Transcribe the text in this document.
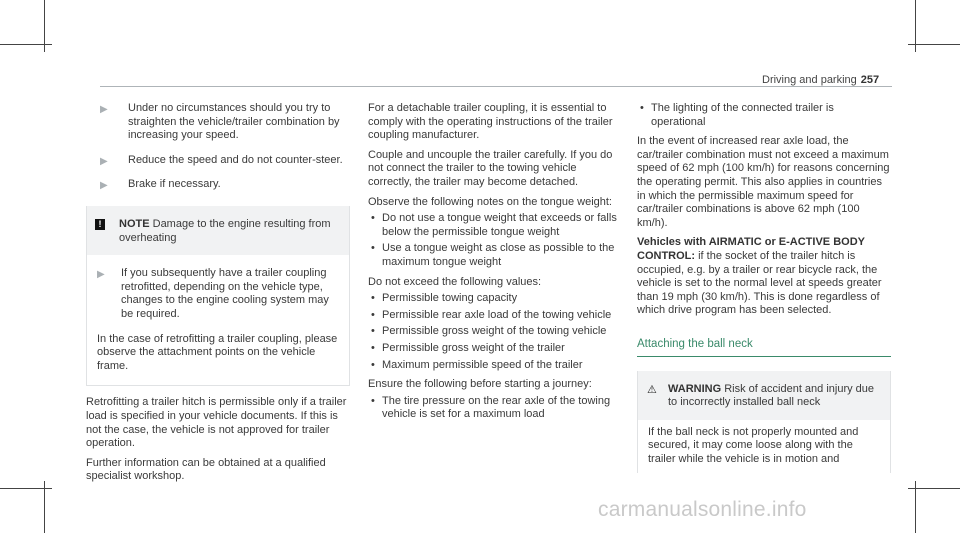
Driving and parking 257
▶ Under no circumstances should you try to straighten the vehicle/trailer combination by increasing your speed.
▶ Reduce the speed and do not counter-steer.
▶ Brake if necessary.
!	NOTE Damage to the engine resulting from overheating
▶ If you subsequently have a trailer coupling retrofitted, depending on the vehicle type, changes to the engine cooling system may be required.

In the case of retrofitting a trailer coupling, please observe the attachment points on the vehicle frame.

Retrofitting a trailer hitch is permissible only if a trailer load is specified in your vehicle documents. If this is not the case, the vehicle is not approved for trailer operation.

Further information can be obtained at a qualified specialist workshop.

For a detachable trailer coupling, it is essential to comply with the operating instructions of the trailer coupling manufacturer.

Couple and uncouple the trailer carefully. If you do not connect the trailer to the towing vehicle correctly, the trailer may become detached.

Observe the following notes on the tongue weight:

• Do not use a tongue weight that exceeds or falls below the permissible tongue weight
• Use a tongue weight as close as possible to the maximum tongue weight

Do not exceed the following values:

• Permissible towing capacity
• Permissible rear axle load of the towing vehicle
• Permissible gross weight of the towing vehicle
• Permissible gross weight of the trailer
• Maximum permissible speed of the trailer

Ensure the following before starting a journey:

• The tire pressure on the rear axle of the towing vehicle is set for a maximum load
• The lighting of the connected trailer is operational

In the event of increased rear axle load, the car/trailer combination must not exceed a maximum speed of 62 mph (100 km/h) for reasons concerning the operating permit. This also applies in countries in which the permissible maximum speed for car/trailer combinations is above 62 mph (100 km/h).

Vehicles with AIRMATIC or E-ACTIVE BODY CONTROL: if the socket of the trailer hitch is occupied, e.g. by a trailer or rear bicycle rack, the vehicle is set to the normal level at speeds greater than 19 mph (30 km/h). This is done regardless of which drive program has been selected.

Attaching the ball neck
⚠ WARNING Risk of accident and injury due to incorrectly installed ball neck

If the ball neck is not properly mounted and secured, it may come loose along with the trailer while the vehicle is in motion and

carmanualsonline.info
